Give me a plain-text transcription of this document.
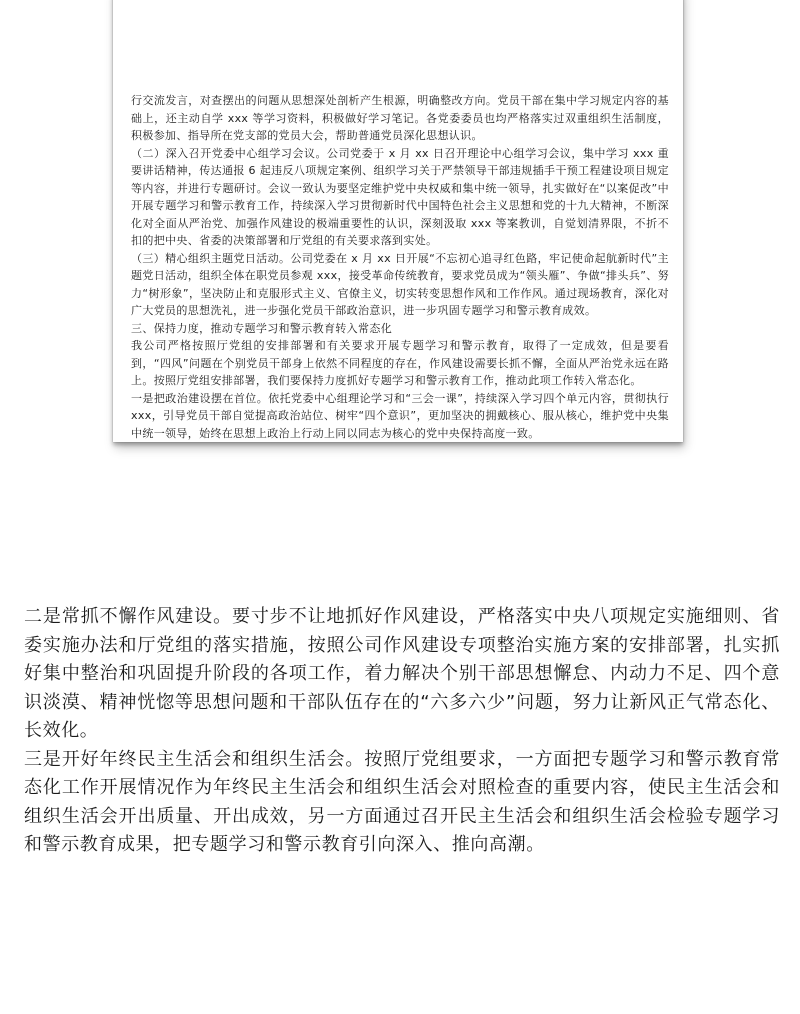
行交流发言，对查摆出的问题从思想深处剖析产生根源，明确整改方向。党员干部在集中学习规定内容的基础上，还主动自学 xxx 等学习资料，积极做好学习笔记。各党委委员也均严格落实过双重组织生活制度，积极参加、指导所在党支部的党员大会，帮助普通党员深化思想认识。

（二）深入召开党委中心组学习会议。公司党委于 x 月 xx 日召开理论中心组学习会议，集中学习 xxx 重要讲话精神，传达通报 6 起违反八项规定案例、组织学习关于严禁领导干部违规插手干预工程建设项目规定等内容，并进行专题研讨。会议一致认为要坚定维护党中央权威和集中统一领导，扎实做好在“以案促改”中开展专题学习和警示教育工作，持续深入学习贯彻新时代中国特色社会主义思想和党的十九大精神，不断深化对全面从严治党、加强作风建设的极端重要性的认识，深刻汲取 xxx 等案教训，自觉划清界限，不折不扣的把中央、省委的决策部署和厅党组的有关要求落到实处。

（三）精心组织主题党日活动。公司党委在 x 月 xx 日开展“不忘初心追寻红色路，牢记使命起航新时代”主题党日活动，组织全体在职党员参观 xxx，接受革命传统教育，要求党员成为“领头雁”、争做“排头兵”、努力“树形象”，坚决防止和克服形式主义、官僚主义，切实转变思想作风和工作作风。通过现场教育，深化对广大党员的思想洗礼，进一步强化党员干部政治意识，进一步巩固专题学习和警示教育成效。

三、保持力度，推动专题学习和警示教育转入常态化

我公司严格按照厅党组的安排部署和有关要求开展专题学习和警示教育，取得了一定成效，但是要看到，“四风”问题在个别党员干部身上依然不同程度的存在，作风建设需要长抓不懈，全面从严治党永远在路上。按照厅党组安排部署，我们要保持力度抓好专题学习和警示教育工作，推动此项工作转入常态化。

一是把政治建设摆在首位。依托党委中心组理论学习和“三会一课”，持续深入学习四个单元内容，贯彻执行 xxx，引导党员干部自觉提高政治站位、树牢“四个意识”，更加坚决的拥戴核心、服从核心，维护党中央集中统一领导，始终在思想上政治上行动上同以同志为核心的党中央保持高度一致。

二是常抓不懈作风建设。要寸步不让地抓好作风建设，严格落实中央八项规定实施细则、省委实施办法和厅党组的落实措施，按照公司作风建设专项整治实施方案的安排部署，扎实抓好集中整治和巩固提升阶段的各项工作，着力解决个别干部思想懈怠、内动力不足、四个意识淡漠、精神恍惚等思想问题和干部队伍存在的“六多六少”问题，努力让新风正气常态化、长效化。

三是开好年终民主生活会和组织生活会。按照厅党组要求，一方面把专题学习和警示教育常态化工作开展情况作为年终民主生活会和组织生活会对照检查的重要内容，使民主生活会和组织生活会开出质量、开出成效，另一方面通过召开民主生活会和组织生活会检验专题学习和警示教育成果，把专题学习和警示教育引向深入、推向高潮。
